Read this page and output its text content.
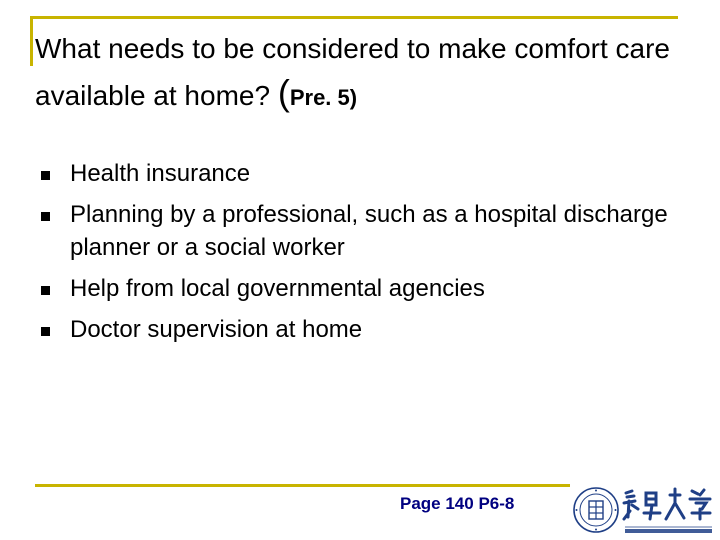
What needs to be considered to make comfort care available at home? (Pre. 5)
Health insurance
Planning by a professional, such as a hospital discharge planner or a social worker
Help from local governmental agencies
Doctor supervision at home
Page 140 P6-8
